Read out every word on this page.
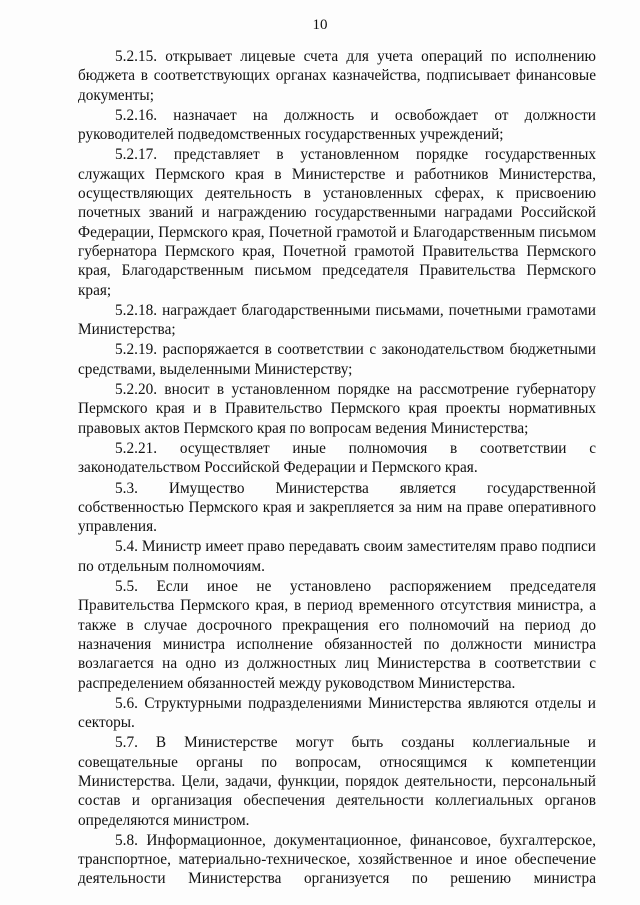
10

5.2.15. открывает лицевые счета для учета операций по исполнению бюджета в соответствующих органах казначейства, подписывает финансовые документы;

5.2.16. назначает на должность и освобождает от должности руководителей подведомственных государственных учреждений;

5.2.17. представляет в установленном порядке государственных служащих Пермского края в Министерстве и работников Министерства, осуществляющих деятельность в установленных сферах, к присвоению почетных званий и награждению государственными наградами Российской Федерации, Пермского края, Почетной грамотой и Благодарственным письмом губернатора Пермского края, Почетной грамотой Правительства Пермского края, Благодарственным письмом председателя Правительства Пермского края;

5.2.18. награждает благодарственными письмами, почетными грамотами Министерства;

5.2.19. распоряжается в соответствии с законодательством бюджетными средствами, выделенными Министерству;

5.2.20. вносит в установленном порядке на рассмотрение губернатору Пермского края и в Правительство Пермского края проекты нормативных правовых актов Пермского края по вопросам ведения Министерства;

5.2.21. осуществляет иные полномочия в соответствии с законодательством Российской Федерации и Пермского края.

5.3. Имущество Министерства является государственной собственностью Пермского края и закрепляется за ним на праве оперативного управления.

5.4. Министр имеет право передавать своим заместителям право подписи по отдельным полномочиям.

5.5. Если иное не установлено распоряжением председателя Правительства Пермского края, в период временного отсутствия министра, а также в случае досрочного прекращения его полномочий на период до назначения министра исполнение обязанностей по должности министра возлагается на одно из должностных лиц Министерства в соответствии с распределением обязанностей между руководством Министерства.

5.6. Структурными подразделениями Министерства являются отделы и секторы.

5.7. В Министерстве могут быть созданы коллегиальные и совещательные органы по вопросам, относящимся к компетенции Министерства. Цели, задачи, функции, порядок деятельности, персональный состав и организация обеспечения деятельности коллегиальных органов определяются министром.

5.8. Информационное, документационное, финансовое, бухгалтерское, транспортное, материально-техническое, хозяйственное и иное обеспечение деятельности Министерства организуется по решению министра
